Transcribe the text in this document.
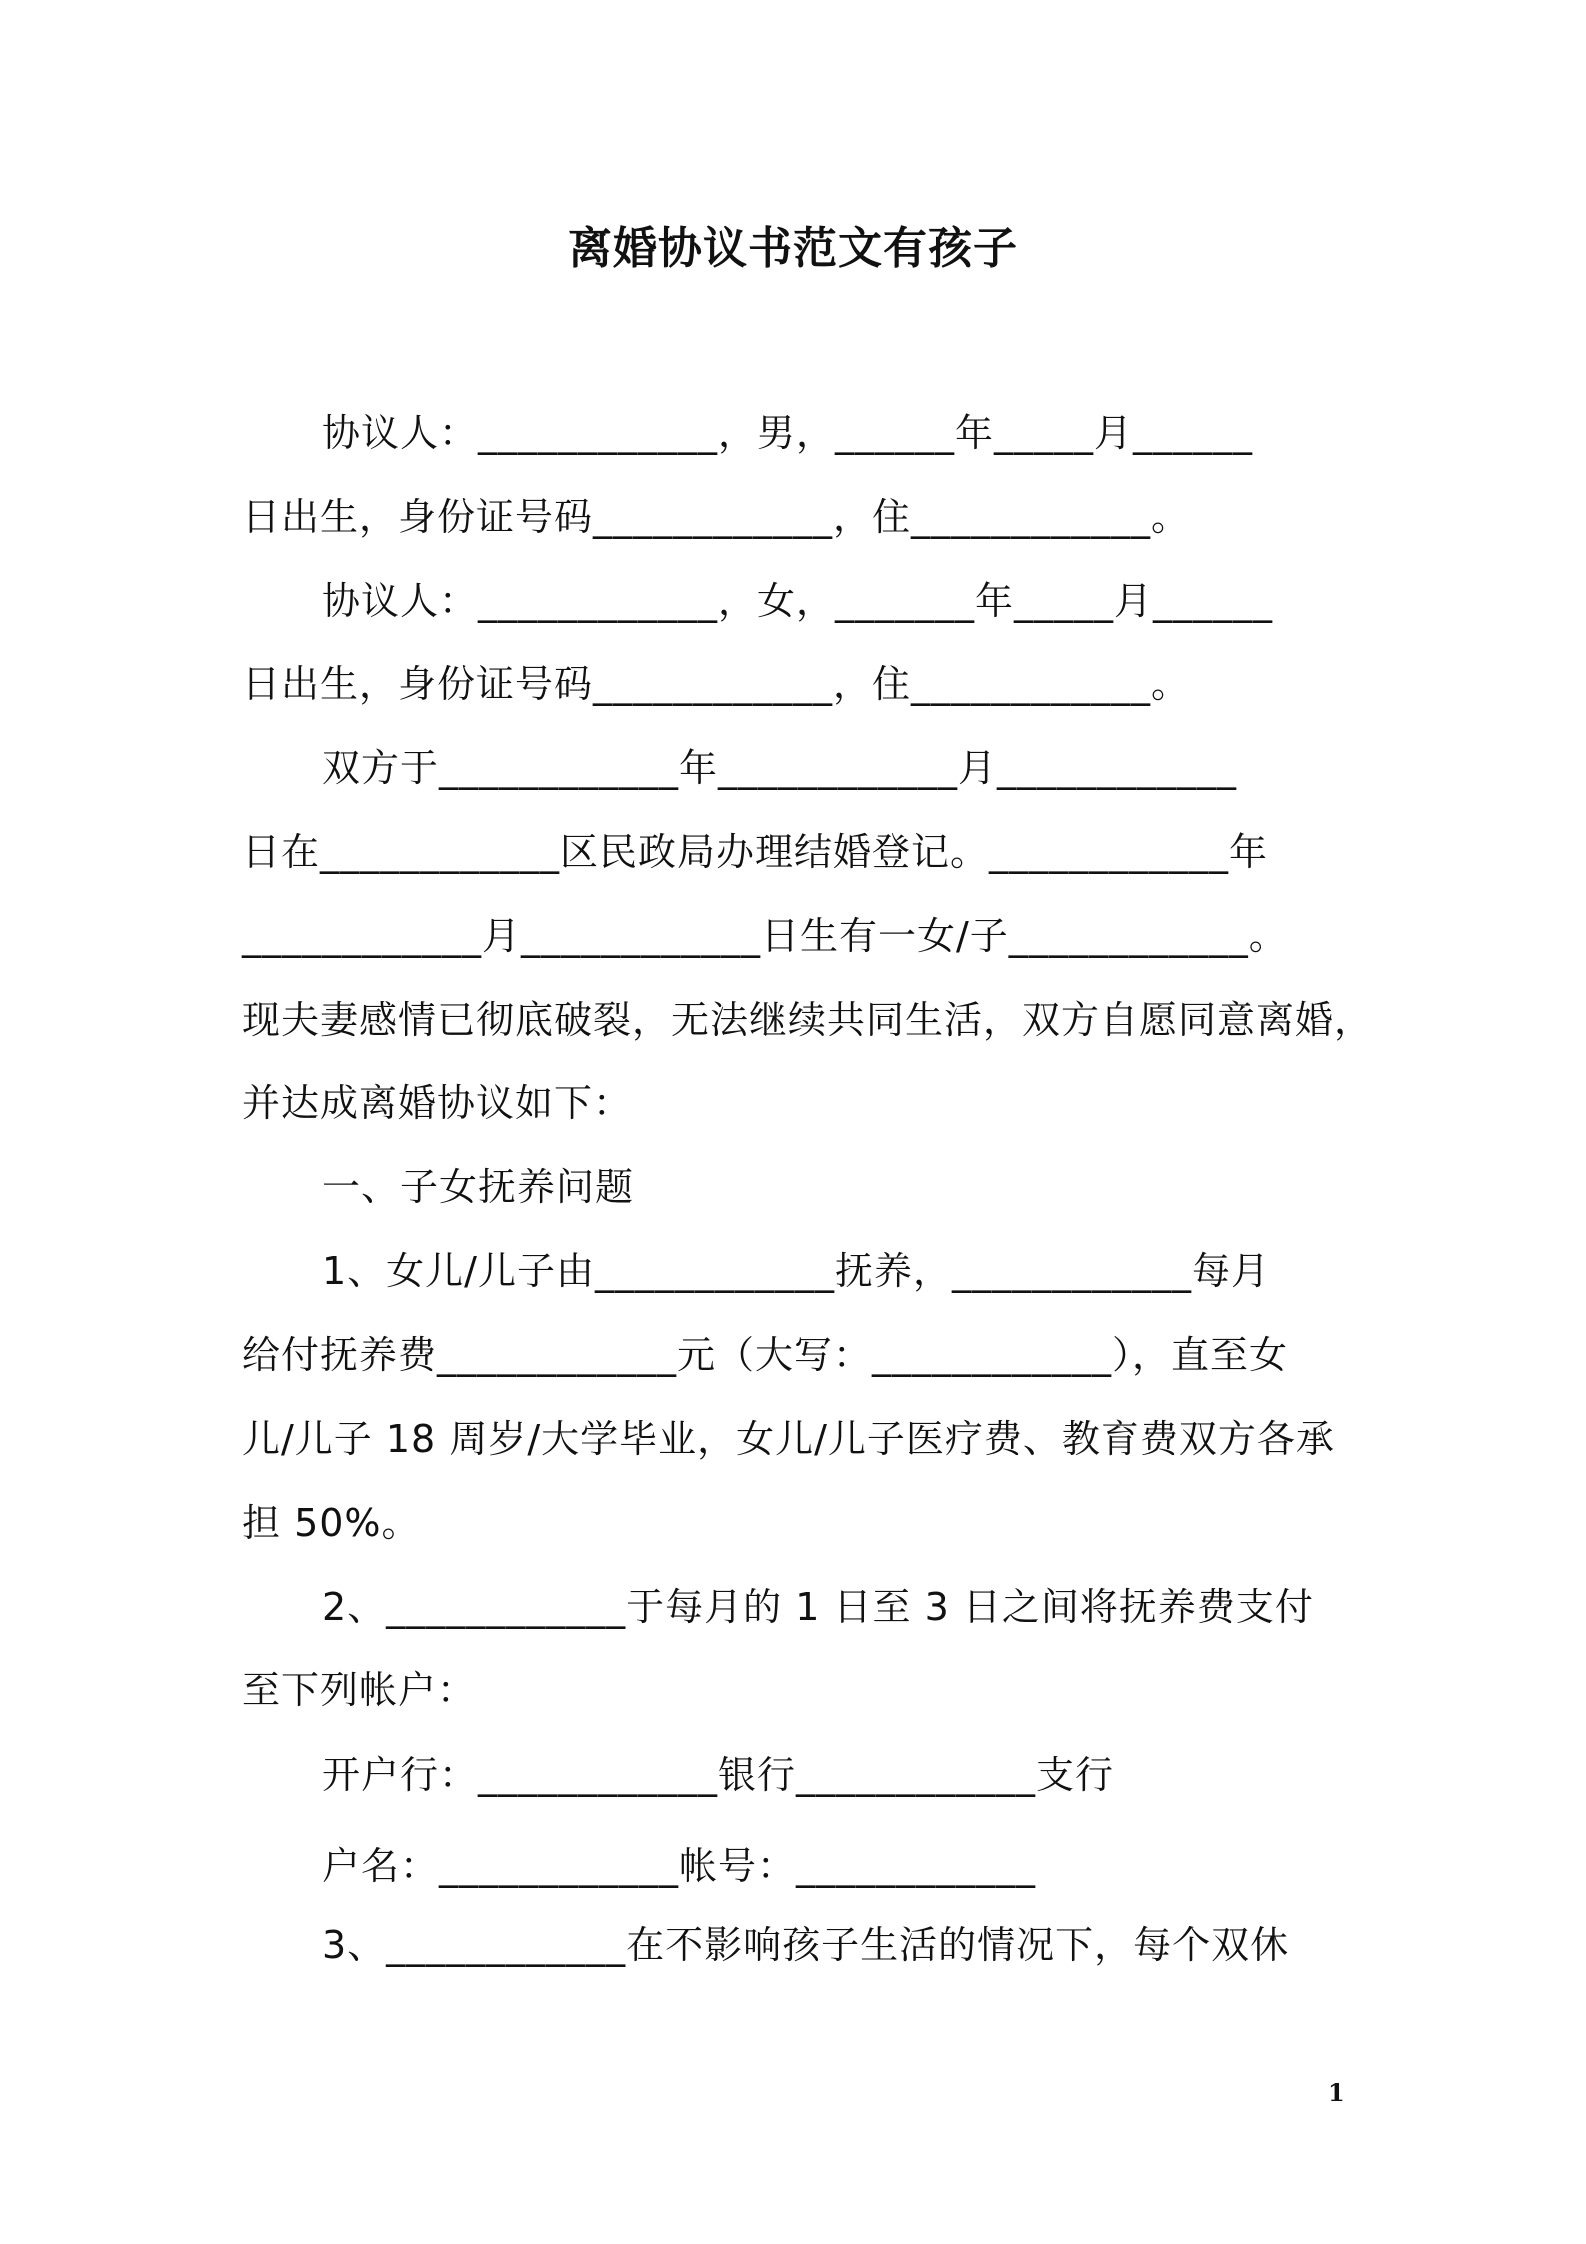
离婚协议书范文有孩子
协议人：____________，男，______年_____月______
日出生，身份证号码____________，住____________。
协议人：____________，女，_______年_____月______
日出生，身份证号码____________，住____________。
双方于____________年____________月____________
日在____________区民政局办理结婚登记。____________年
____________月____________日生有一女/子____________。
现夫妻感情已彻底破裂，无法继续共同生活，双方自愿同意离婚，
并达成离婚协议如下：
一、子女抚养问题
1、女儿/儿子由____________抚养，____________每月
给付抚养费____________元（大写：____________），直至女
儿/儿子 18 周岁/大学毕业，女儿/儿子医疗费、教育费双方各承
担 50%。
2、____________于每月的 1 日至 3 日之间将抚养费支付
至下列帐户：
开户行：____________银行____________支行
户名：____________帐号：____________
3、____________在不影响孩子生活的情况下，每个双休
1
